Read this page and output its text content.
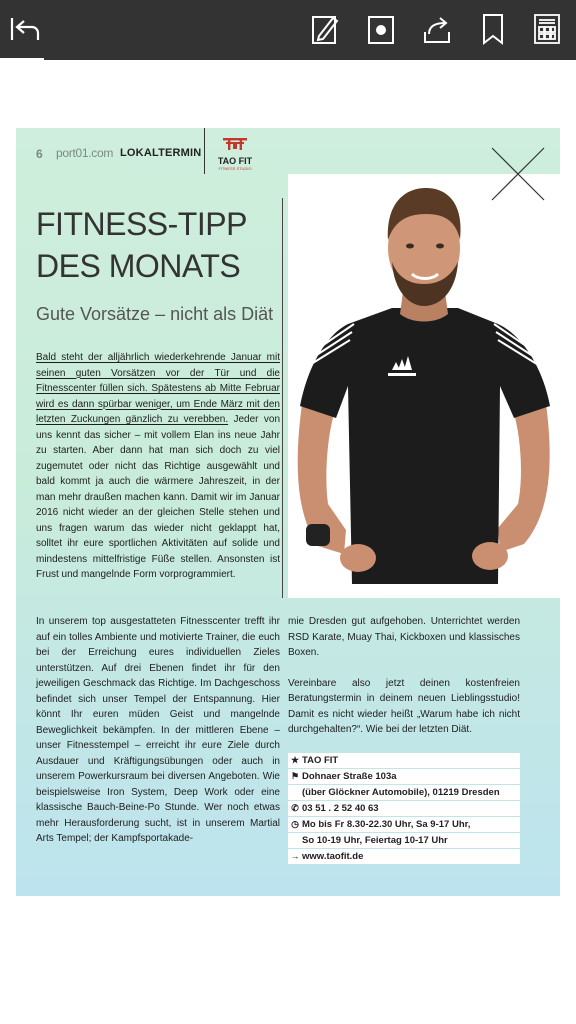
6 port01.com LOKALTERMIN
TAO FIT
FITNESS STUDIO
FITNESS-TIPP
DES MONATS

Gute Vorsätze – nicht als Diät

Bald steht der alljährlich wiederkehrende Januar mit seinen guten Vorsätzen vor der Tür und die Fitnesscenter füllen sich. Spätestens ab Mitte Februar wird es dann spürbar weniger, um Ende März mit den letzten Zuckungen gänzlich zu verebben. Jeder von uns kennt das sicher – mit vollem Elan ins neue Jahr zu starten. Aber dann hat man sich doch zu viel zugemutet oder nicht das Richtige ausgewählt und bald kommt ja auch die wärmere Jahreszeit, in der man mehr draußen machen kann. Damit wir im Januar 2016 nicht wieder an der gleichen Stelle stehen und uns fragen warum das wieder nicht geklappt hat, solltet ihr eure sportlichen Aktivitäten auf solide und mindestens mittelfristige Füße stellen. Ansonsten ist Frust und mangelnde Form vorprogrammiert.
In unserem top ausgestatteten Fitnesscenter trefft ihr auf ein tolles Ambiente und motivierte Trainer, die euch bei der Erreichung eures individuellen Zieles unterstützen. Auf drei Ebenen findet ihr für den jeweiligen Geschmack das Richtige. Im Dachgeschoss befindet sich unser Tempel der Entspannung. Hier könnt Ihr euren müden Geist und mangelnde Beweglichkeit bekämpfen. In der mittleren Ebene – unser Fitnesstempel – erreicht ihr eure Ziele durch Ausdauer und Kräftigungsübungen oder auch in unserem Powerkursraum bei diversen Angeboten. Wie beispielsweise Iron System, Deep Work oder eine klassische Bauch-Beine-Po Stunde. Wer noch etwas mehr Herausforderung sucht, ist in unserem Martial Arts Tempel; der Kampfsportakade-
mie Dresden gut aufgehoben. Unterrichtet werden RSD Karate, Muay Thai, Kickboxen und klassisches Boxen.
Vereinbare also jetzt deinen kostenfreien Beratungstermin in deinem neuen Lieblingsstudio! Damit es nicht wieder heißt „Warum habe ich nicht durchgehalten?“. Wie bei der letzten Diät.
★ TAO FIT
⚑ Dohnaer Straße 103a
(über Glöckner Automobile), 01219 Dresden
✆ 03 51 . 2 52 40 63
◷ Mo bis Fr 8.30-22.30 Uhr, Sa 9-17 Uhr,
So 10-19 Uhr, Feiertag 10-17 Uhr
→ www.taofit.de
